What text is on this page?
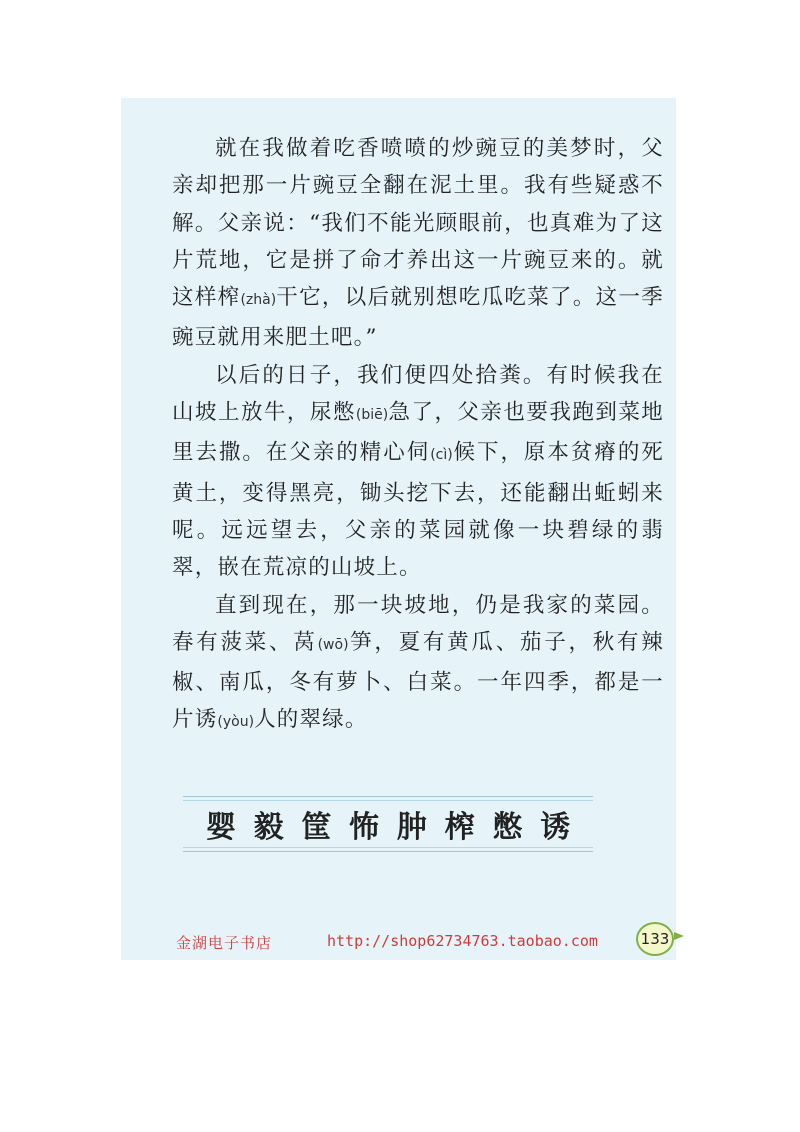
就在我做着吃香喷喷的炒豌豆的美梦时，父亲却把那一片豌豆全翻在泥土里。我有些疑惑不解。父亲说：“我们不能光顾眼前，也真难为了这片荒地，它是拼了命才养出这一片豌豆来的。就这样榨(zhà)干它，以后就别想吃瓜吃菜了。这一季豌豆就用来肥土吧。”

以后的日子，我们便四处拾粪。有时候我在山坡上放牛，尿憋(biē)急了，父亲也要我跑到菜地里去撒。在父亲的精心伺(cì)候下，原本贫瘠的死黄土，变得黑亮，锄头挖下去，还能翻出蚯蚓来呢。远远望去，父亲的菜园就像一块碧绿的翡翠，嵌在荒凉的山坡上。

直到现在，那一块坡地，仍是我家的菜园。春有菠菜、莴(wō)笋，夏有黄瓜、茄子，秋有辣椒、南瓜，冬有萝卜、白菜。一年四季，都是一片诱(yòu)人的翠绿。

婴 毅 筐 怖 肿 榨 憋 诱
金湖电子书店	http://shop62734763.taobao.com	133
